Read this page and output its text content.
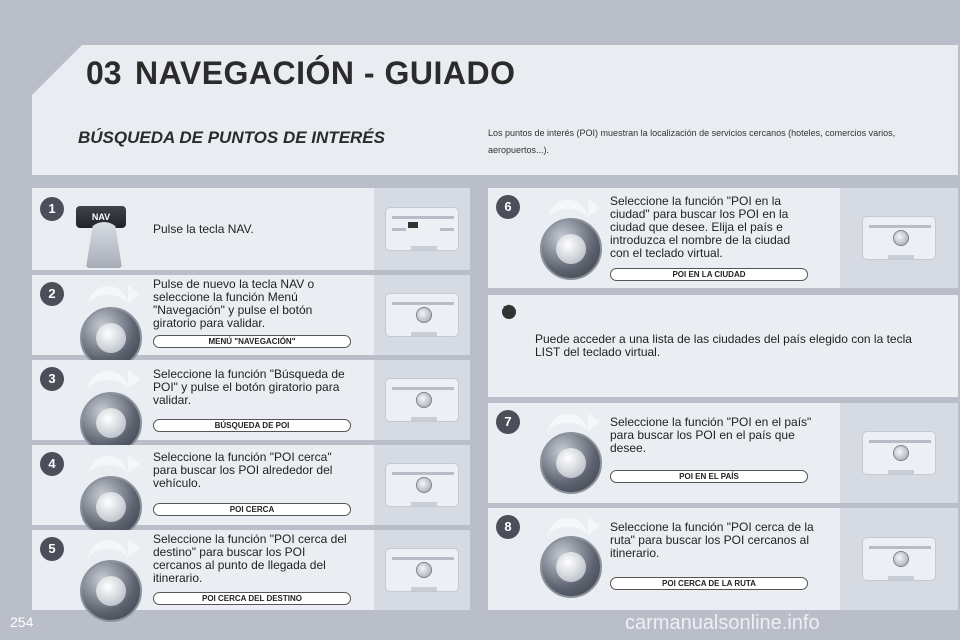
03 NAVEGACIÓN - GUIADO
BÚSQUEDA DE PUNTOS DE INTERÉS	Los puntos de interés (POI) muestran la localización de servicios cercanos (hoteles, comercios varios, aeropuertos...).
1
NAV
Pulse la tecla NAV.
2
Pulse de nuevo la tecla NAV o seleccione la función Menú "Navegación" y pulse el botón giratorio para validar.
MENÚ "NAVEGACIÓN"
3	Seleccione la función "Búsqueda de POI" y pulse el botón giratorio para validar.
BÚSQUEDA DE POI
4	Seleccione la función "POI cerca" para buscar los POI alrededor del vehículo.
POI CERCA
5
Seleccione la función "POI cerca del destino" para buscar los POI cercanos al punto de llegada del itinerario.
POI CERCA DEL DESTINO
6	Seleccione la función "POI en la ciudad" para buscar los POI en la ciudad que desee. Elija el país e introduzca el nombre de la ciudad con el teclado virtual.
POI EN LA CIUDAD
☼
Puede acceder a una lista de las ciudades del país elegido con la tecla LIST del teclado virtual.
7	Seleccione la función "POI en el país" para buscar los POI en el país que desee.
POI EN EL PAÍS
8	Seleccione la función "POI cerca de la ruta" para buscar los POI cercanos al itinerario.
POI CERCA DE LA RUTA
254	carmanualsonline.info
